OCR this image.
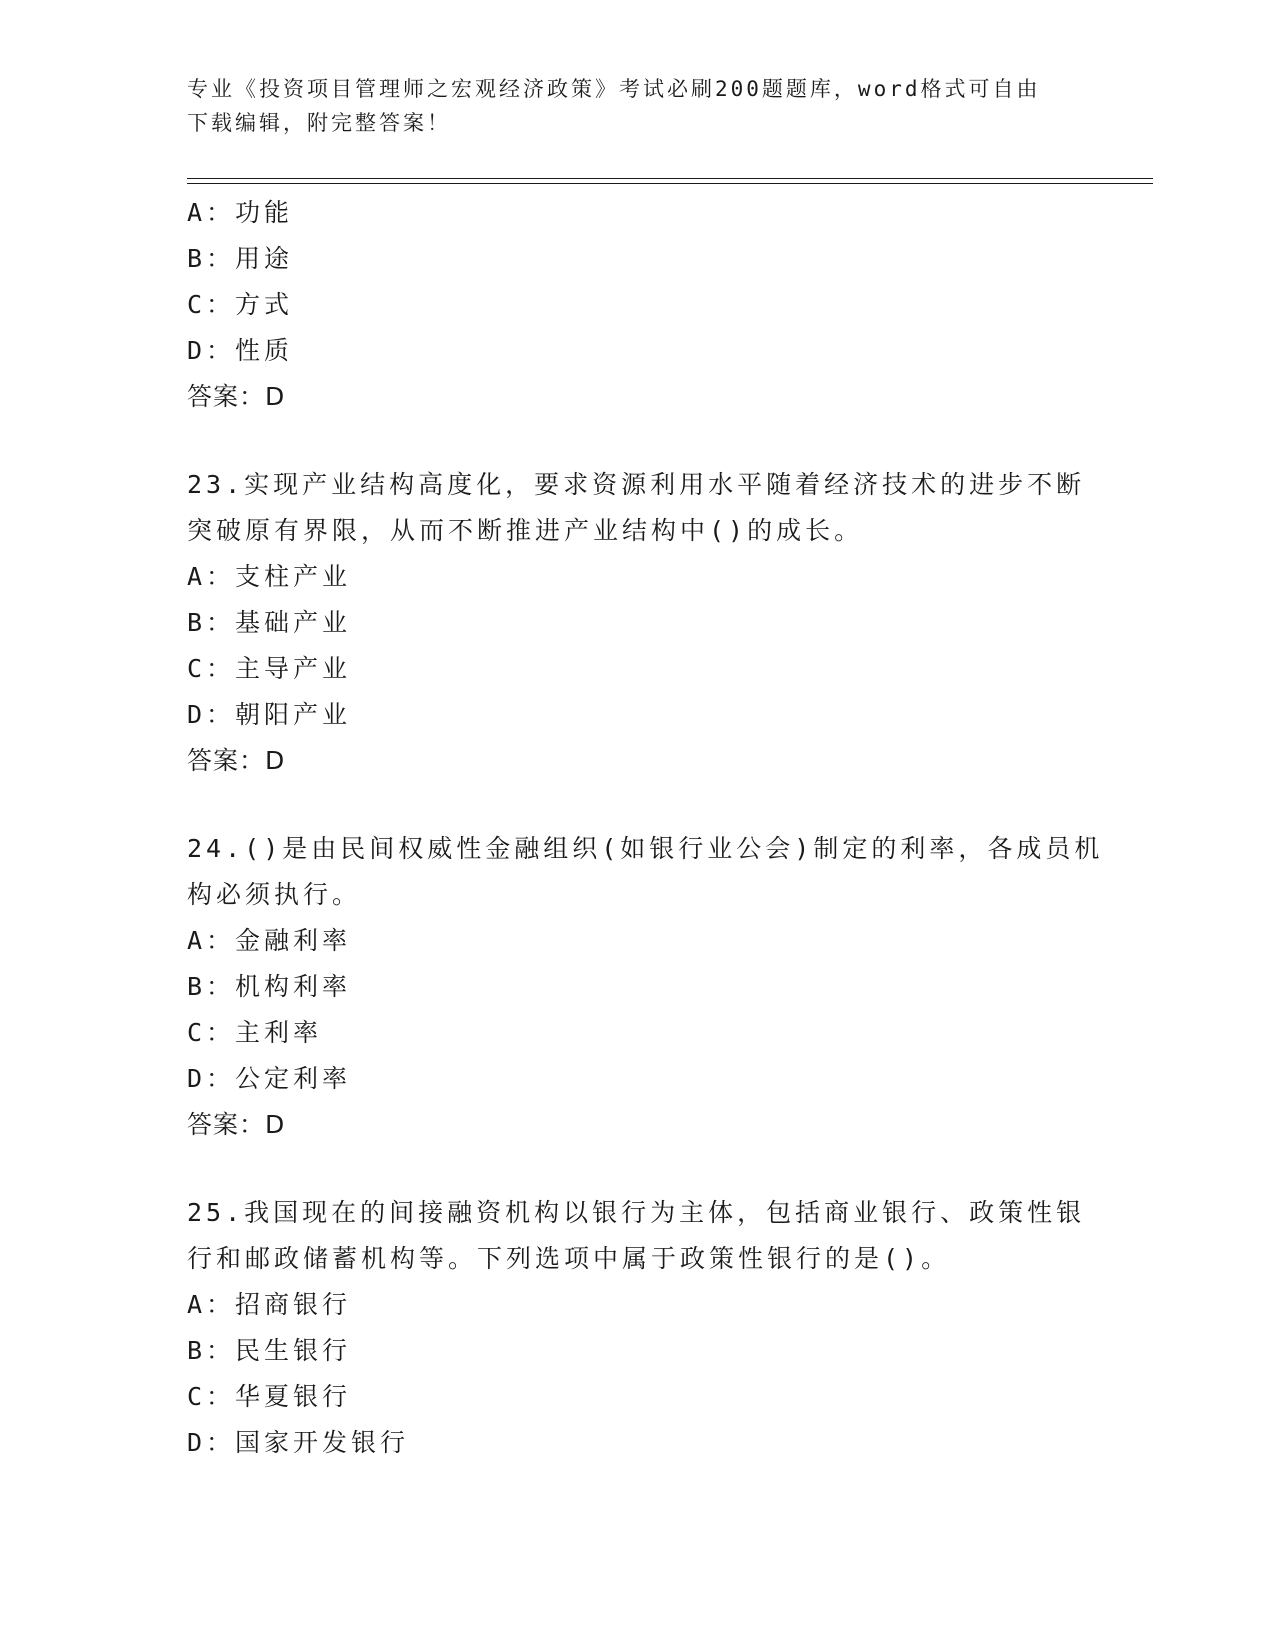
专业《投资项目管理师之宏观经济政策》考试必刷200题题库，word格式可自由
下载编辑，附完整答案！
A：功能
B：用途
C：方式
D：性质
答案：D
23.实现产业结构高度化，要求资源利用水平随着经济技术的进步不断
突破原有界限，从而不断推进产业结构中()的成长。
A：支柱产业
B：基础产业
C：主导产业
D：朝阳产业
答案：D
24.()是由民间权威性金融组织(如银行业公会)制定的利率，各成员机
构必须执行。
A：金融利率
B：机构利率
C：主利率
D：公定利率
答案：D
25.我国现在的间接融资机构以银行为主体，包括商业银行、政策性银
行和邮政储蓄机构等。下列选项中属于政策性银行的是()。
A：招商银行
B：民生银行
C：华夏银行
D：国家开发银行
